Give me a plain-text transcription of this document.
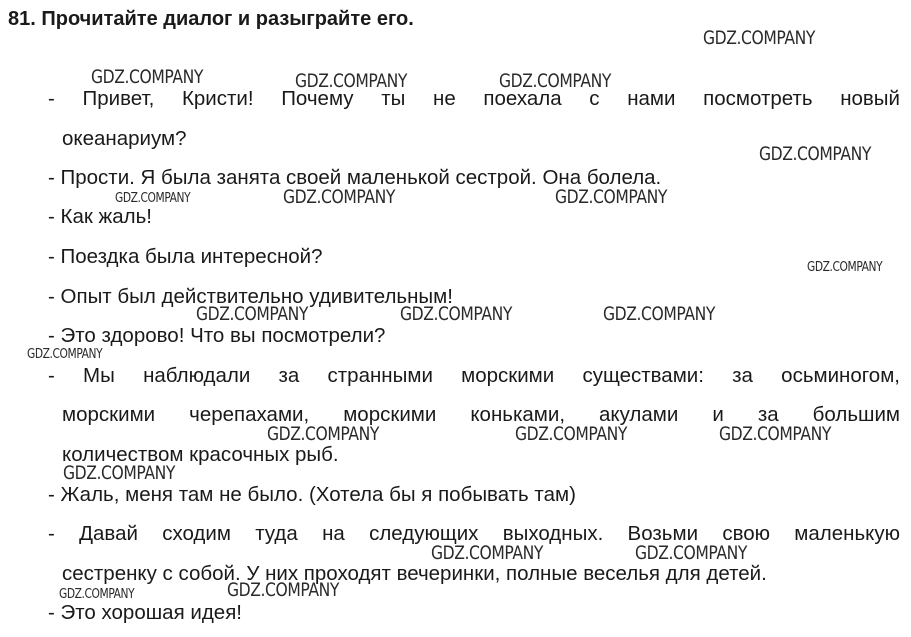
81. Прочитайте диалог и разыграйте его.

- Привет, Кристи! Почему ты не поехала с нами посмотреть новый

океанариум?

- Прости. Я была занята своей маленькой сестрой. Она болела.

- Как жаль!

- Поездка была интересной?

- Опыт был действительно удивительным!

- Это здорово! Что вы посмотрели?

- Мы наблюдали за странными морскими существами: за осьминогом,

морскими черепахами, морскими коньками, акулами и за большим

количеством красочных рыб.

- Жаль, меня там не было. (Хотела бы я побывать там)

- Давай сходим туда на следующих выходных. Возьми свою маленькую

сестренку с собой. У них проходят вечеринки, полные веселья для детей.

- Это хорошая идея!

GDZ.COMPANY
GDZ.COMPANY	GDZ.COMPANY	GDZ.COMPANY
GDZ.COMPANY
GDZ.COMPANY	GDZ.COMPANY	GDZ.COMPANY
GDZ.COMPANY
GDZ.COMPANY	GDZ.COMPANY	GDZ.COMPANY
GDZ.COMPANY
GDZ.COMPANY	GDZ.COMPANY	GDZ.COMPANY
GDZ.COMPANY
GDZ.COMPANY	GDZ.COMPANY
GDZ.COMPANY
GDZ.COMPANY
